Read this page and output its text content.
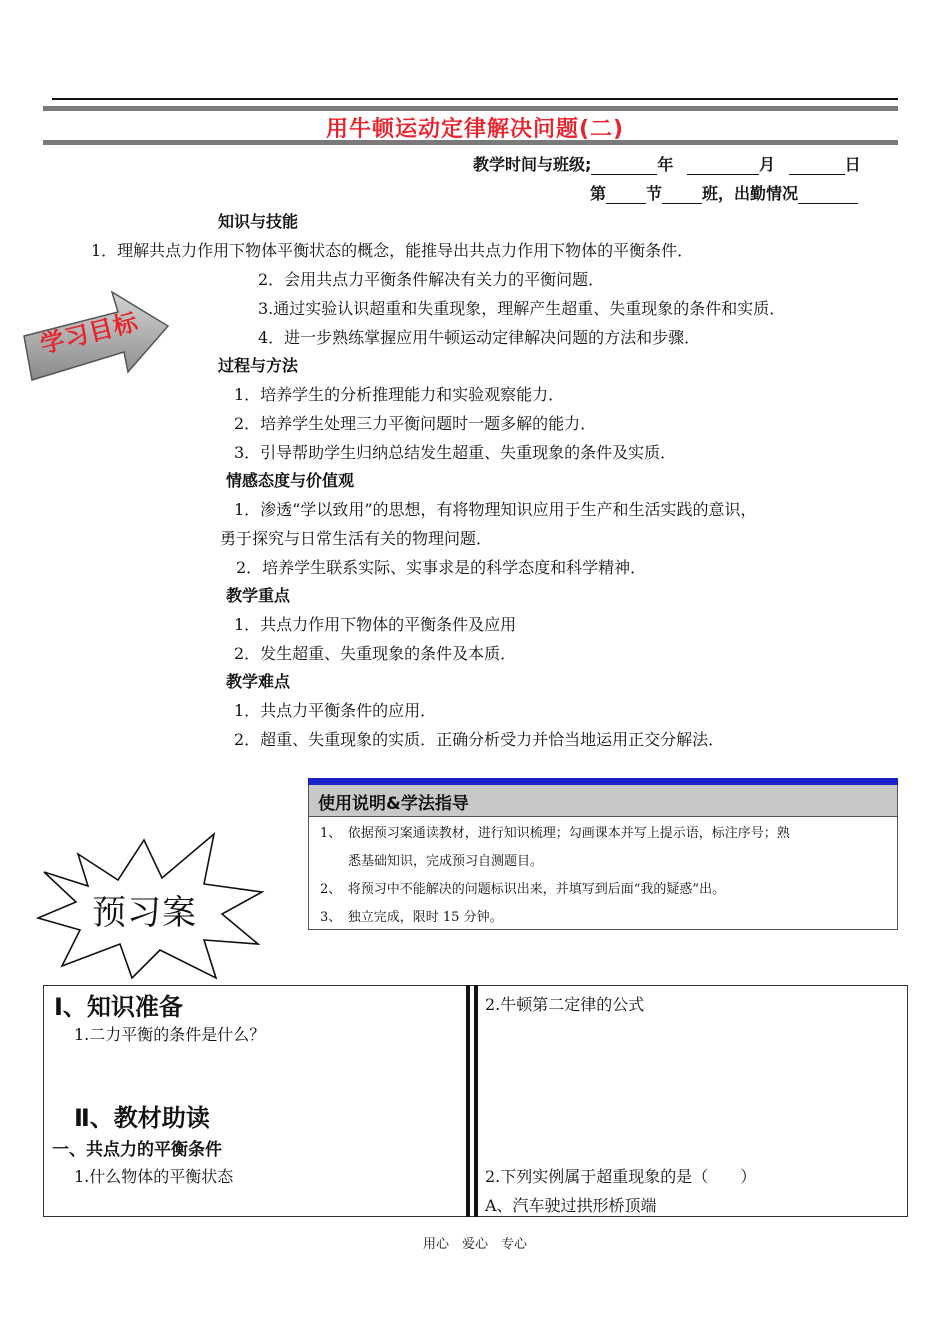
用牛顿运动定律解决问题(二)
教学时间与班级;	年	月	日
第	节	班，出勤情况
学习目标
知识与技能
1．理解共点力作用下物体平衡状态的概念，能推导出共点力作用下物体的平衡条件．
2．会用共点力平衡条件解决有关力的平衡问题．
3.通过实验认识超重和失重现象，理解产生超重、失重现象的条件和实质．
4．进一步熟练掌握应用牛顿运动定律解决问题的方法和步骤．
过程与方法
1．培养学生的分析推理能力和实验观察能力．
2．培养学生处理三力平衡问题时一题多解的能力．
3．引导帮助学生归纳总结发生超重、失重现象的条件及实质．
情感态度与价值观
1．渗透“学以致用”的思想，有将物理知识应用于生产和生活实践的意识，
勇于探究与日常生活有关的物理问题．
2．培养学生联系实际、实事求是的科学态度和科学精神．
教学重点
1．共点力作用下物体的平衡条件及应用
2．发生超重、失重现象的条件及本质．
教学难点
1．共点力平衡条件的应用．
2．超重、失重现象的实质．正确分析受力并恰当地运用正交分解法．
使用说明&学法指导
1、　依据预习案通读教材，进行知识梳理；勾画课本并写上提示语，标注序号；熟
悉基础知识，完成预习自测题目。
2、　将预习中不能解决的问题标识出来，并填写到后面“我的疑惑”出。
3、　独立完成，限时 15 分钟。
预习案
Ⅰ、知识准备
1.二力平衡的条件是什么？
Ⅱ、教材助读
一、共点力的平衡条件
1.什么物体的平衡状态
2.牛顿第二定律的公式
2.下列实例属于超重现象的是（　　）
A、汽车驶过拱形桥顶端
用心　爱心　专心
